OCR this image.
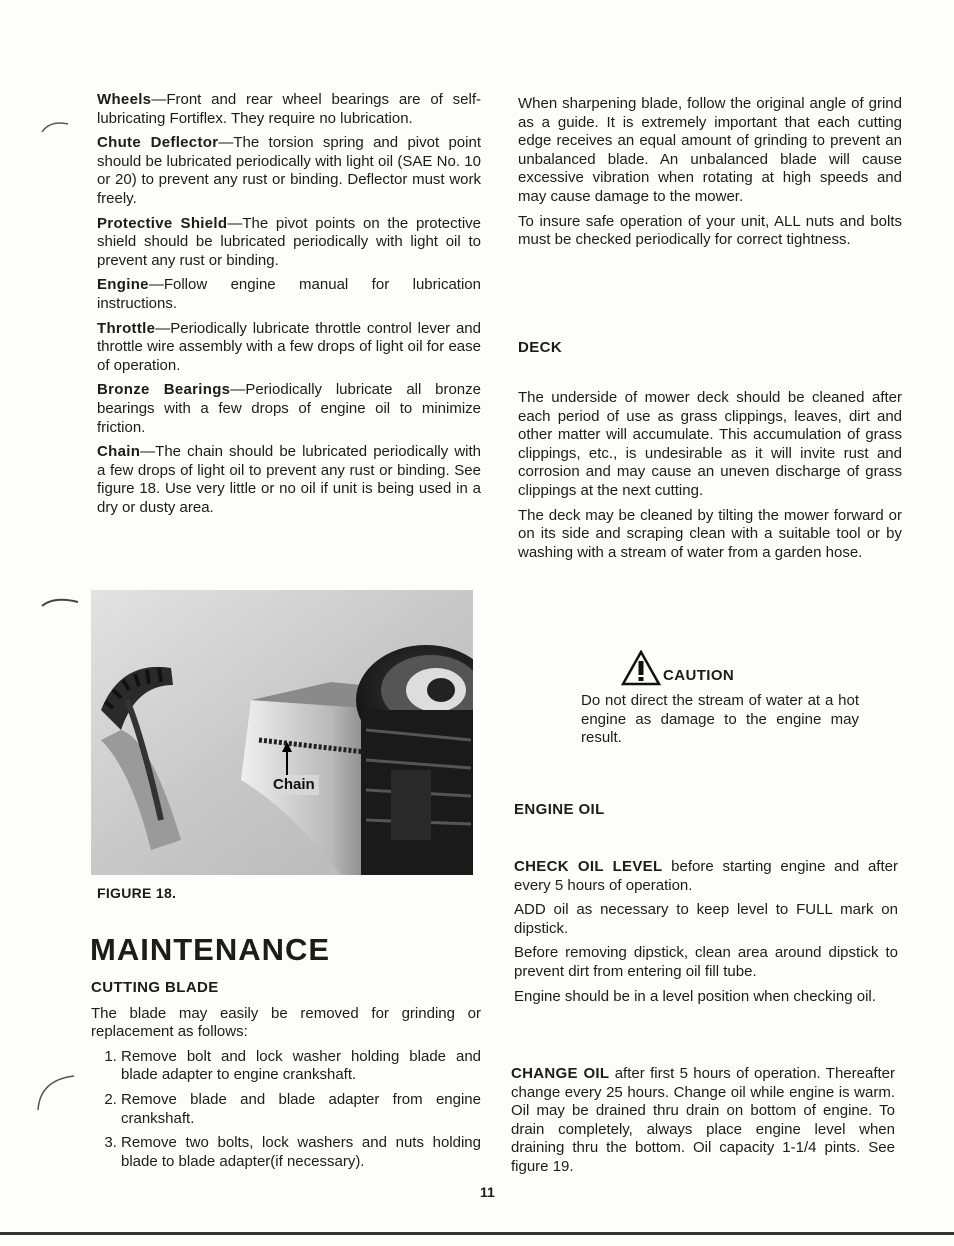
Wheels—Front and rear wheel bearings are of self-lubricating Fortiflex. They require no lubrication.

Chute Deflector—The torsion spring and pivot point should be lubricated periodically with light oil (SAE No. 10 or 20) to prevent any rust or binding. Deflector must work freely.

Protective Shield—The pivot points on the protective shield should be lubricated periodically with light oil to prevent any rust or binding.

Engine—Follow engine manual for lubrication instructions.

Throttle—Periodically lubricate throttle control lever and throttle wire assembly with a few drops of light oil for ease of operation.

Bronze Bearings—Periodically lubricate all bronze bearings with a few drops of engine oil to minimize friction.

Chain—The chain should be lubricated periodically with a few drops of light oil to prevent any rust or binding. See figure 18. Use very little or no oil if unit is being used in a dry or dusty area.

Chain
FIGURE 18.
MAINTENANCE
CUTTING BLADE

The blade may easily be removed for grinding or replacement as follows:

1. Remove bolt and lock washer holding blade and blade adapter to engine crankshaft.
2. Remove blade and blade adapter from engine crankshaft.
3. Remove two bolts, lock washers and nuts holding blade to blade adapter(if necessary).

When sharpening blade, follow the original angle of grind as a guide. It is extremely important that each cutting edge receives an equal amount of grinding to prevent an unbalanced blade. An unbalanced blade will cause excessive vibration when rotating at high speeds and may cause damage to the mower.

To insure safe operation of your unit, ALL nuts and bolts must be checked periodically for correct tightness.

DECK

The underside of mower deck should be cleaned after each period of use as grass clippings, leaves, dirt and other matter will accumulate. This accumulation of grass clippings, etc., is undesirable as it will invite rust and corrosion and may cause an uneven discharge of grass clippings at the next cutting.

The deck may be cleaned by tilting the mower forward or on its side and scraping clean with a suitable tool or by washing with a stream of water from a garden hose.

CAUTION

Do not direct the stream of water at a hot engine as damage to the engine may result.

ENGINE OIL

CHECK OIL LEVEL before starting engine and after every 5 hours of operation.

ADD oil as necessary to keep level to FULL mark on dipstick.

Before removing dipstick, clean area around dipstick to prevent dirt from entering oil fill tube.

Engine should be in a level position when checking oil.

CHANGE OIL after first 5 hours of operation. Thereafter change every 25 hours. Change oil while engine is warm. Oil may be drained thru drain on bottom of engine. To drain completely, always place engine level when draining thru the bottom. Oil capacity 1-1/4 pints. See figure 19.

11
